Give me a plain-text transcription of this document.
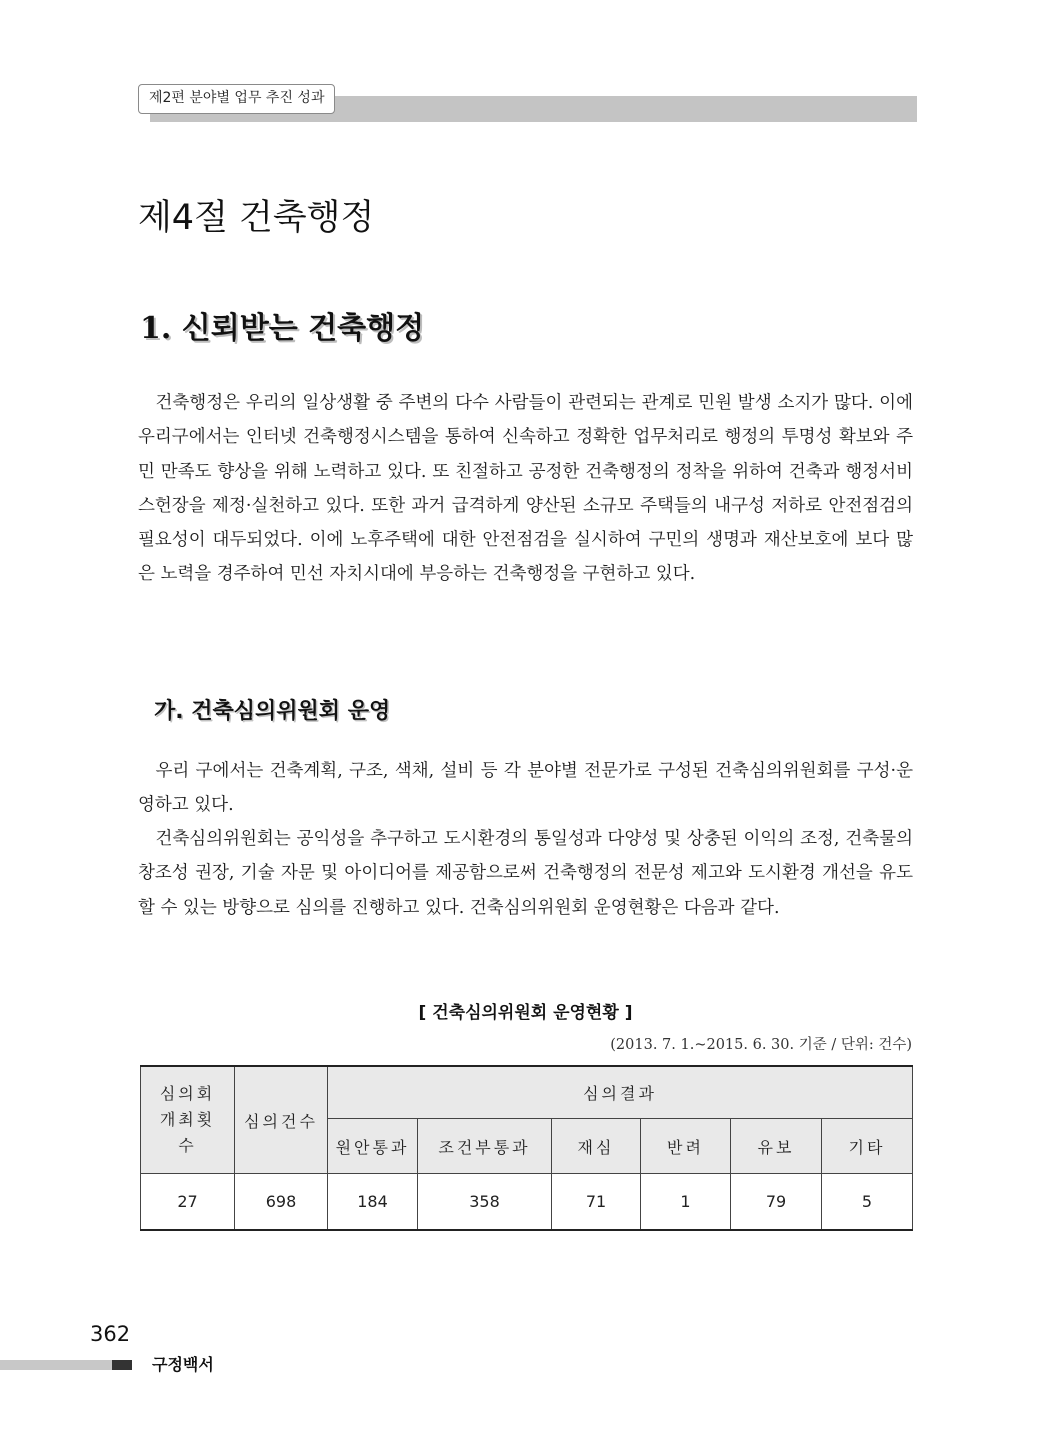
제2편 분야별 업무 추진 성과
제4절 건축행정
1. 신뢰받는 건축행정

건축행정은 우리의 일상생활 중 주변의 다수 사람들이 관련되는 관계로 민원 발생 소지가 많다. 이에 우리구에서는 인터넷 건축행정시스템을 통하여 신속하고 정확한 업무처리로 행정의 투명성 확보와 주민 만족도 향상을 위해 노력하고 있다. 또 친절하고 공정한 건축행정의 정착을 위하여 건축과 행정서비스헌장을 제정·실천하고 있다. 또한 과거 급격하게 양산된 소규모 주택들의 내구성 저하로 안전점검의 필요성이 대두되었다. 이에 노후주택에 대한 안전점검을 실시하여 구민의 생명과 재산보호에 보다 많은 노력을 경주하여 민선 자치시대에 부응하는 건축행정을 구현하고 있다.

가. 건축심의위원회 운영

우리 구에서는 건축계획, 구조, 색채, 설비 등 각 분야별 전문가로 구성된 건축심의위원회를 구성·운영하고 있다.

건축심의위원회는 공익성을 추구하고 도시환경의 통일성과 다양성 및 상충된 이익의 조정, 건축물의 창조성 권장, 기술 자문 및 아이디어를 제공함으로써 건축행정의 전문성 제고와 도시환경 개선을 유도할 수 있는 방향으로 심의를 진행하고 있다. 건축심의위원회 운영현황은 다음과 같다.

[ 건축심의위원회 운영현황 ]

(2013. 7. 1.~2015. 6. 30. 기준 / 단위: 건수)

심의회 개최횟수	심의건수	심의결과					
		원안통과	조건부통과	재심	반려	유보	기타
27	698	184	358	71	1	79	5

362

구정백서
